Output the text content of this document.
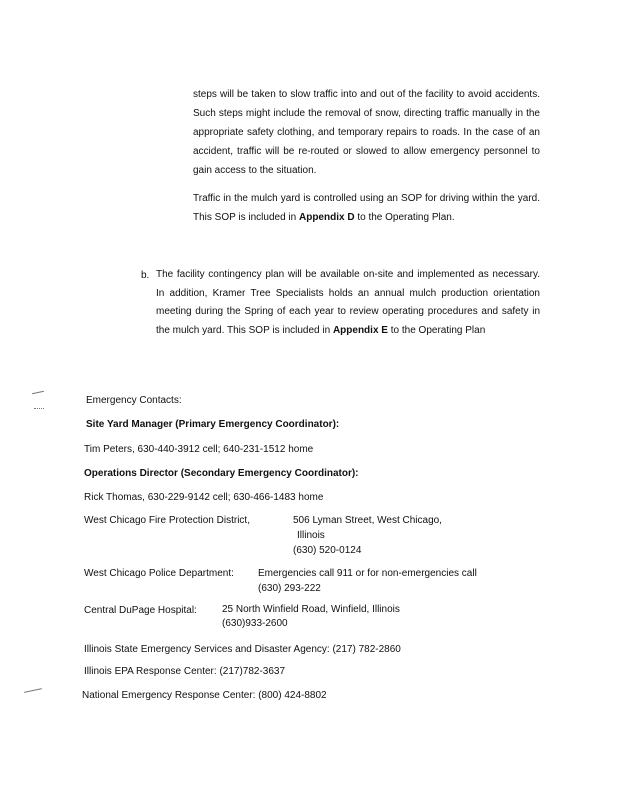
steps will be taken to slow traffic into and out of the facility to avoid accidents. Such steps might include the removal of snow, directing traffic manually in the appropriate safety clothing, and temporary repairs to roads. In the case of an accident, traffic will be re-routed or slowed to allow emergency personnel to gain access to the situation.
Traffic in the mulch yard is controlled using an SOP for driving within the yard. This SOP is included in Appendix D to the Operating Plan.
b. The facility contingency plan will be available on-site and implemented as necessary. In addition, Kramer Tree Specialists holds an annual mulch production orientation meeting during the Spring of each year to review operating procedures and safety in the mulch yard. This SOP is included in Appendix E to the Operating Plan
Emergency Contacts:
Site Yard Manager (Primary Emergency Coordinator):
Tim Peters, 630-440-3912 cell; 640-231-1512 home
Operations Director (Secondary Emergency Coordinator):
Rick Thomas, 630-229-9142 cell; 630-466-1483 home
West Chicago Fire Protection District,	506 Lyman Street, West Chicago,
Illinois
(630) 520-0124
West Chicago Police Department: Emergencies call 911 or for non-emergencies call
(630) 293-222
Central DuPage Hospital:	25 North Winfield Road, Winfield, Illinois
(630)933-2600
Illinois State Emergency Services and Disaster Agency: (217) 782-2860
Illinois EPA Response Center: (217)782-3637
National Emergency Response Center: (800) 424-8802
